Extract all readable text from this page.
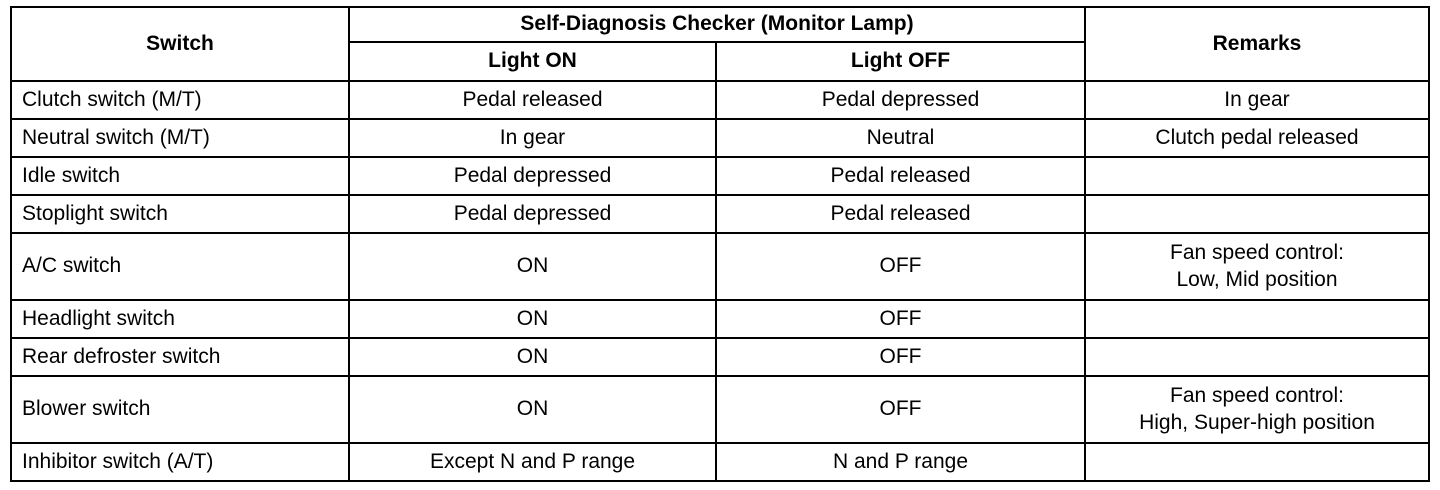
Switch	Self-Diagnosis Checker (Monitor Lamp)		Remarks
	Light ON	Light OFF	
Clutch switch (M/T)	Pedal released	Pedal depressed	In gear

Neutral switch (M/T)	In gear	Neutral	Clutch pedal released

Idle switch	Pedal depressed	Pedal released	
Stoplight switch	Pedal depressed	Pedal released	
A/C switch	ON	OFF	Fan speed control:
Low, Mid position

Headlight switch	ON	OFF	
Rear defroster switch	ON	OFF	
Blower switch	ON	OFF	Fan speed control:
High, Super-high position

Inhibitor switch (A/T)	Except N and P range	N and P range	
